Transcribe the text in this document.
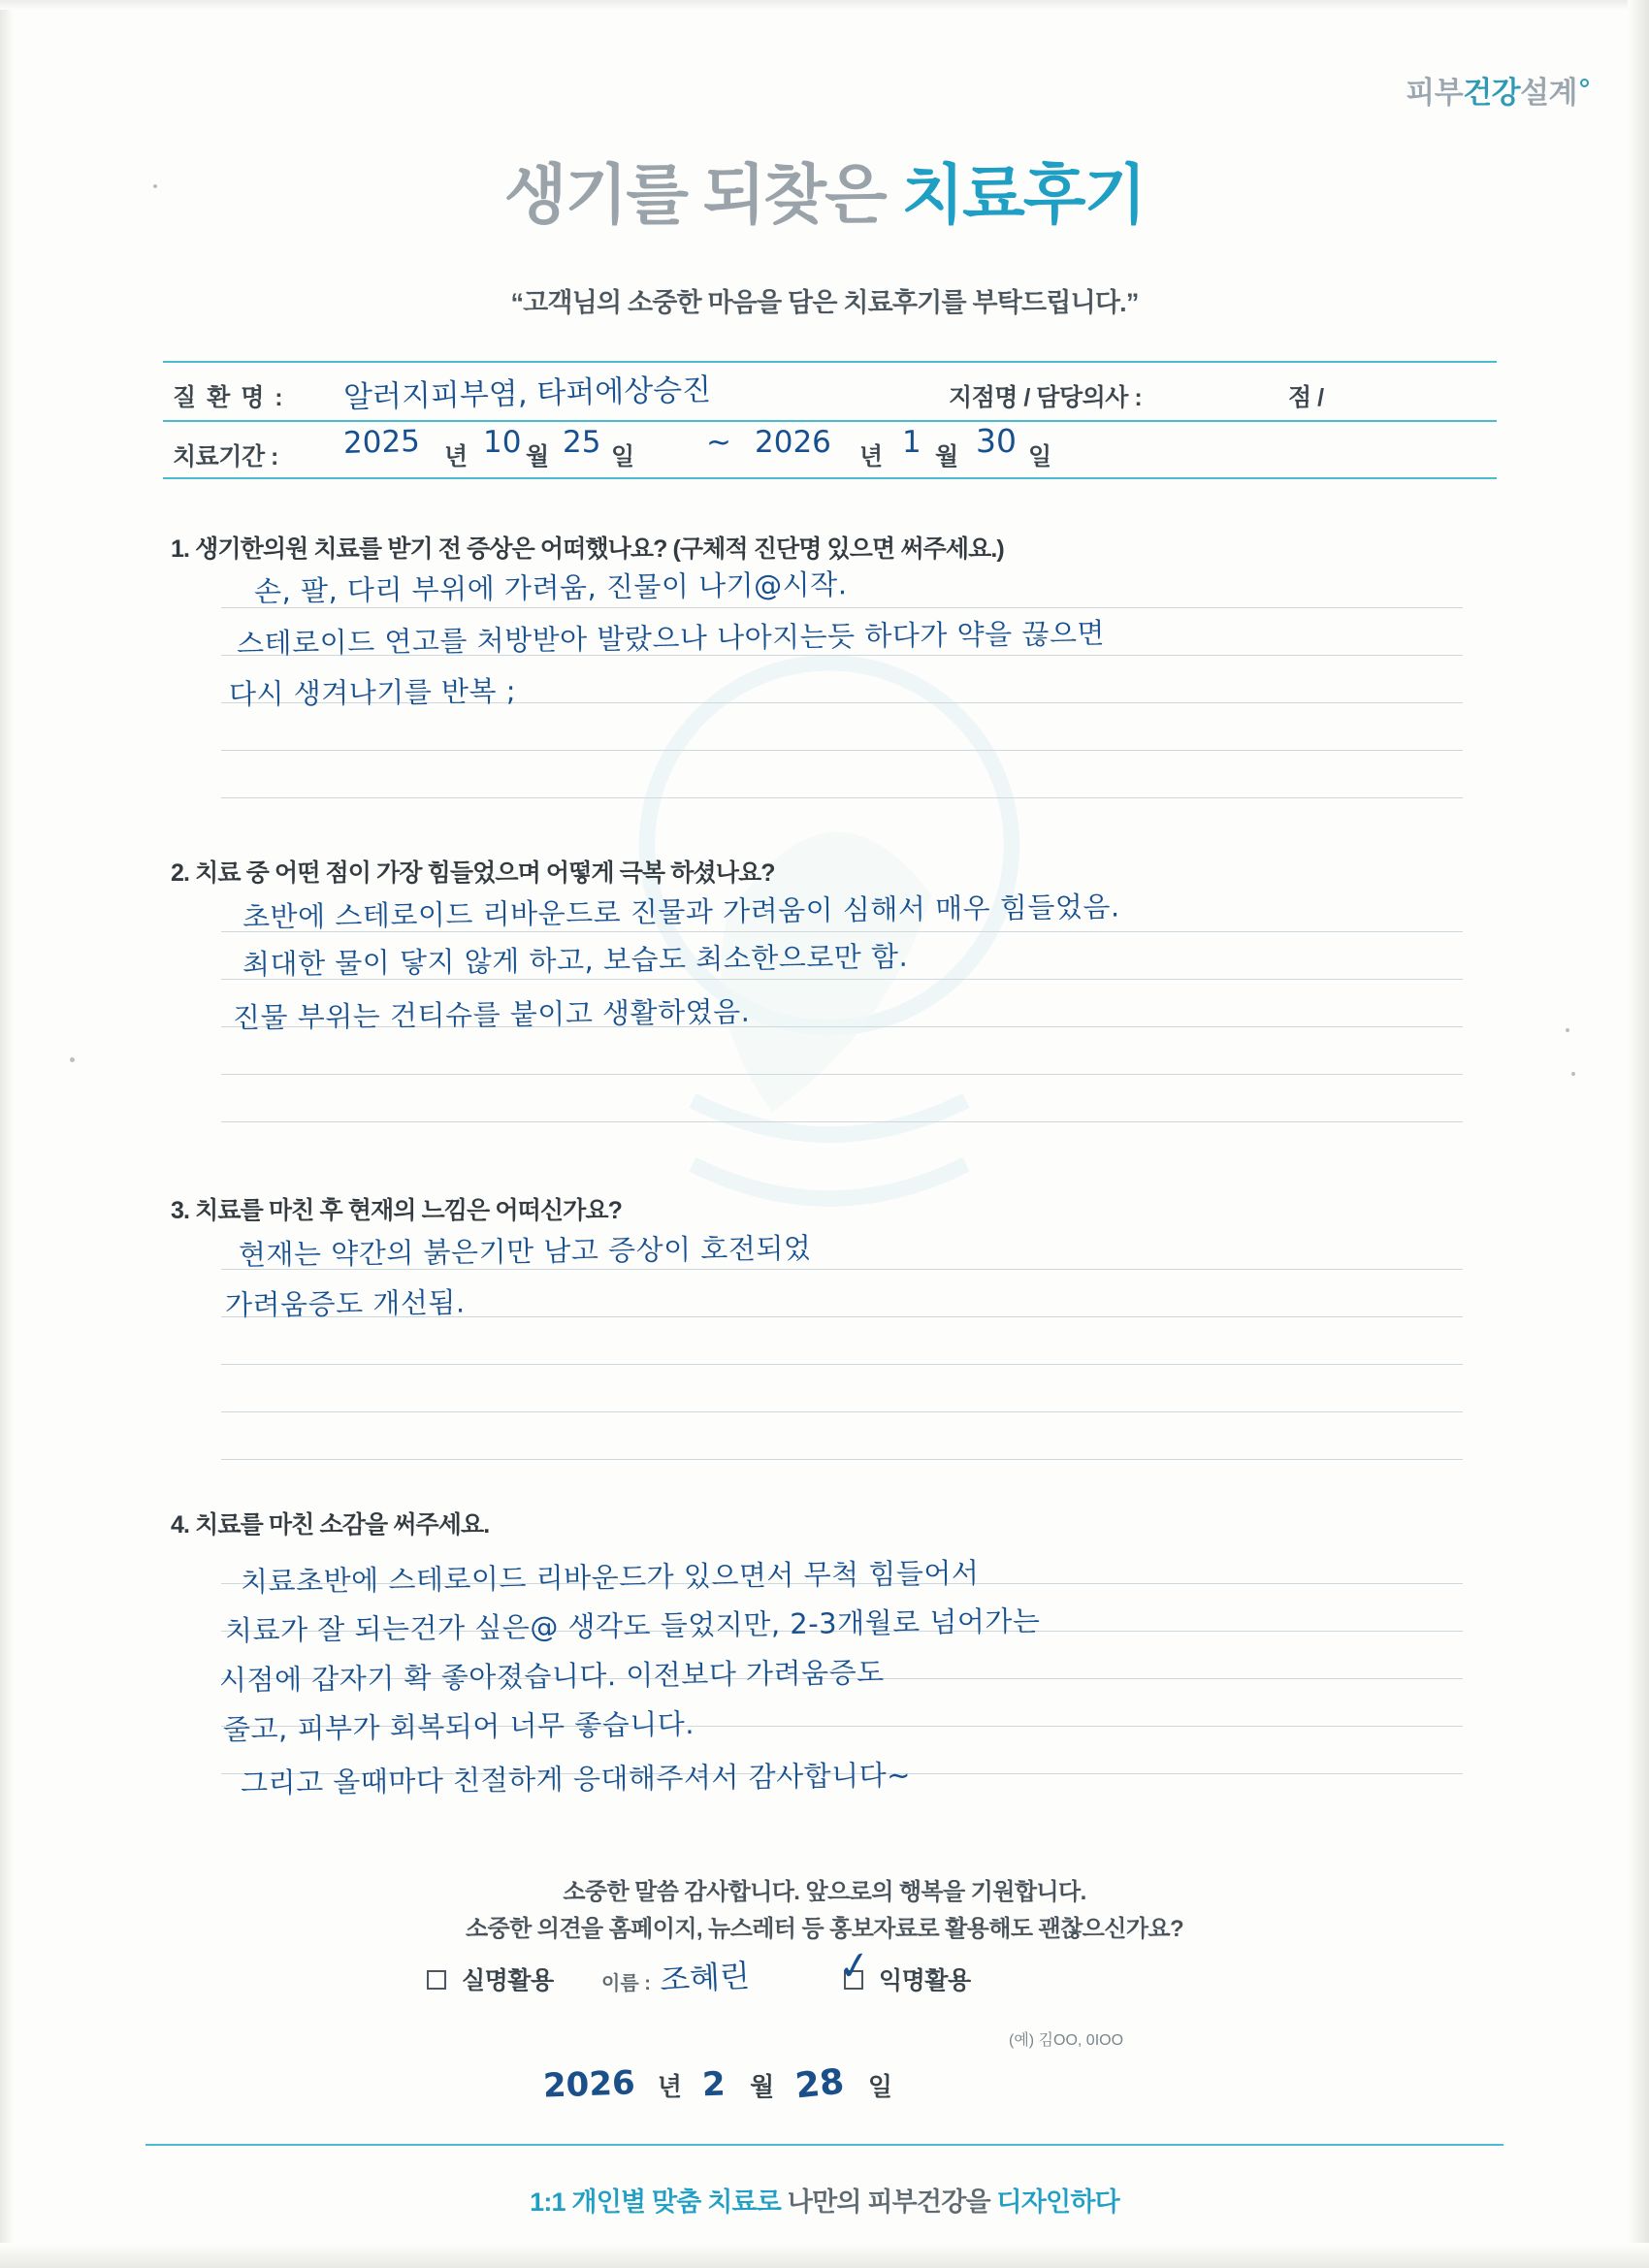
피부건강설계
생기를 되찾은 치료후기
“고객님의 소중한 마음을 담은 치료후기를 부탁드립니다.”
질 환 명 : 알러지피부염, 타퍼에상승진	지점명 / 담당의사 :	점 /
치료기간 : 2025 년 10 월 25 일 ~ 2026 년 1 월 30 일
1. 생기한의원 치료를 받기 전 증상은 어떠했나요? (구체적 진단명 있으면 써주세요.)
손, 팔, 다리 부위에 가려움, 진물이 나기@시작.
스테로이드 연고를 처방받아 발랐으나 나아지는듯 하다가 약을 끊으면
다시 생겨나기를 반복 ;
2. 치료 중 어떤 점이 가장 힘들었으며 어떻게 극복 하셨나요?
초반에 스테로이드 리바운드로 진물과 가려움이 심해서 매우 힘들었음.
최대한 물이 닿지 않게 하고, 보습도 최소한으로만 함.
진물 부위는 건티슈를 붙이고 생활하였음.
3. 치료를 마친 후 현재의 느낌은 어떠신가요?
현재는 약간의 붉은기만 남고 증상이 호전되었
가려움증도 개선됨.
4. 치료를 마친 소감을 써주세요.
치료초반에 스테로이드 리바운드가 있으면서 무척 힘들어서
치료가 잘 되는건가 싶은@ 생각도 들었지만, 2-3개월로 넘어가는
시점에 갑자기 확 좋아졌습니다. 이전보다 가려움증도
줄고, 피부가 회복되어 너무 좋습니다.
그리고 올때마다 친절하게 응대해주셔서 감사합니다~
소중한 말씀 감사합니다. 앞으로의 행복을 기원합니다.
소중한 의견을 홈페이지, 뉴스레터 등 홍보자료로 활용해도 괜찮으신가요?
실명활용 이름 : 조혜린 ✓ 익명활용
(예) 김OO, 0IOO
2026 년 2 월 28 일
1:1 개인별 맞춤 치료로 나만의 피부건강을 디자인하다
